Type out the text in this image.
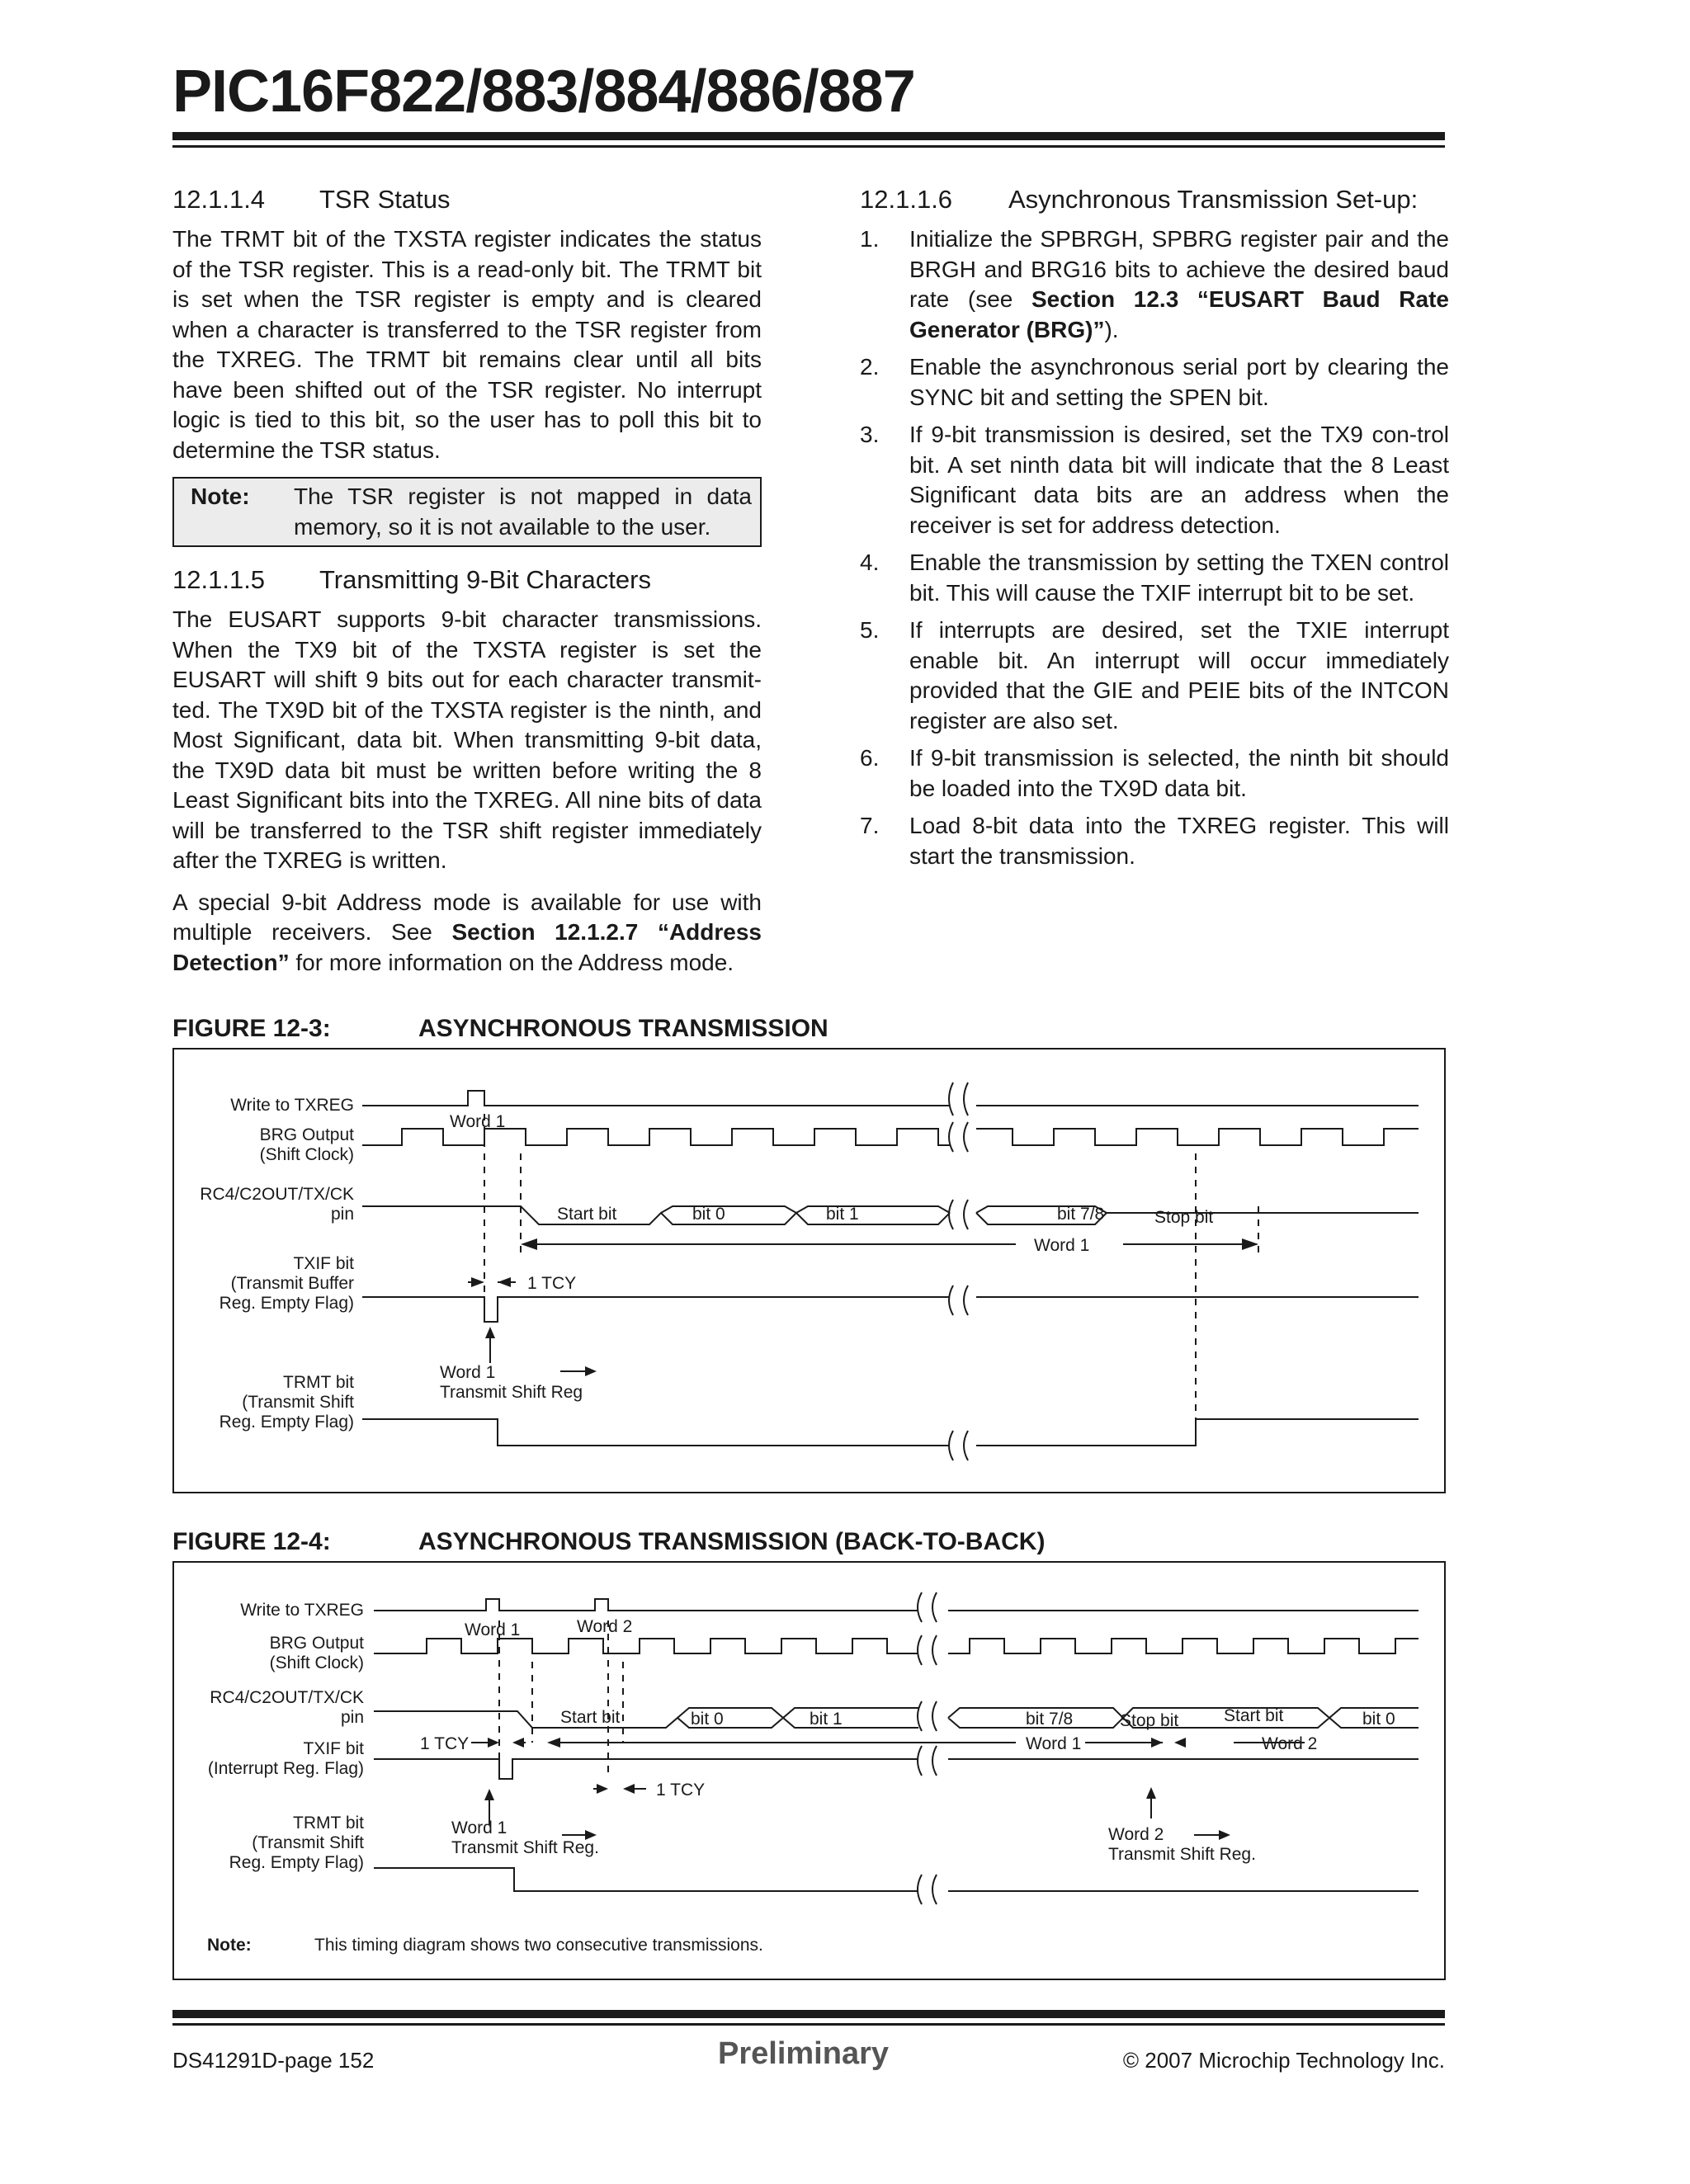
PIC16F822/883/884/886/887
12.1.1.4 TSR Status

The TRMT bit of the TXSTA register indicates the status of the TSR register. This is a read-only bit. The TRMT bit is set when the TSR register is empty and is cleared when a character is transferred to the TSR register from the TXREG. The TRMT bit remains clear until all bits have been shifted out of the TSR register. No interrupt logic is tied to this bit, so the user has to poll this bit to determine the TSR status.

Note:	The TSR register is not mapped in data memory, so it is not available to the user.
12.1.1.5 Transmitting 9-Bit Characters

The EUSART supports 9-bit character transmissions. When the TX9 bit of the TXSTA register is set the EUSART will shift 9 bits out for each character transmit-ted. The TX9D bit of the TXSTA register is the ninth, and Most Significant, data bit. When transmitting 9-bit data, the TX9D data bit must be written before writing the 8 Least Significant bits into the TXREG. All nine bits of data will be transferred to the TSR shift register immediately after the TXREG is written.

A special 9-bit Address mode is available for use with multiple receivers. See Section 12.1.2.7 “Address Detection” for more information on the Address mode.

12.1.1.6 Asynchronous Transmission Set-up:
1.	Initialize the SPBRGH, SPBRG register pair and the BRGH and BRG16 bits to achieve the desired baud rate (see Section 12.3 “EUSART Baud Rate Generator (BRG)”).
2.	Enable the asynchronous serial port by clearing the SYNC bit and setting the SPEN bit.
3.	If 9-bit transmission is desired, set the TX9 con-trol bit. A set ninth data bit will indicate that the 8 Least Significant data bits are an address when the receiver is set for address detection.
4.	Enable the transmission by setting the TXEN control bit. This will cause the TXIF interrupt bit to be set.
5.	If interrupts are desired, set the TXIE interrupt enable bit. An interrupt will occur immediately provided that the GIE and PEIE bits of the INTCON register are also set.
6.	If 9-bit transmission is selected, the ninth bit should be loaded into the TX9D data bit.
7.	Load 8-bit data into the TXREG register. This will start the transmission.
FIGURE 12-3:	ASYNCHRONOUS TRANSMISSION
Write to TXREG
BRG Output
(Shift Clock)
RC4/C2OUT/TX/CK
pin
TXIF bit
(Transmit Buffer
Reg. Empty Flag)
TRMT bit
(Transmit Shift
Reg. Empty Flag)
Word 1
Start bit	bit 0	bit 1	bit 7/8	Stop bit
Word 1
1 TCY
Word 1
Transmit Shift Reg
FIGURE 12-4:	ASYNCHRONOUS TRANSMISSION (BACK-TO-BACK)
Write to TXREG
BRG Output
(Shift Clock)
RC4/C2OUT/TX/CK
pin
TXIF bit
(Interrupt Reg. Flag)
TRMT bit
(Transmit Shift
Reg. Empty Flag)
Word 1	Word 2
Start bit	bit 0	bit 1	bit 7/8	Stop bit	Start bit	bit 0
1 TCY
1 TCY
Word 1	Word 2
Word 1
Transmit Shift Reg.
Word 2
Transmit Shift Reg.
Note:	This timing diagram shows two consecutive transmissions.
DS41291D-page 152	Preliminary	© 2007 Microchip Technology Inc.
